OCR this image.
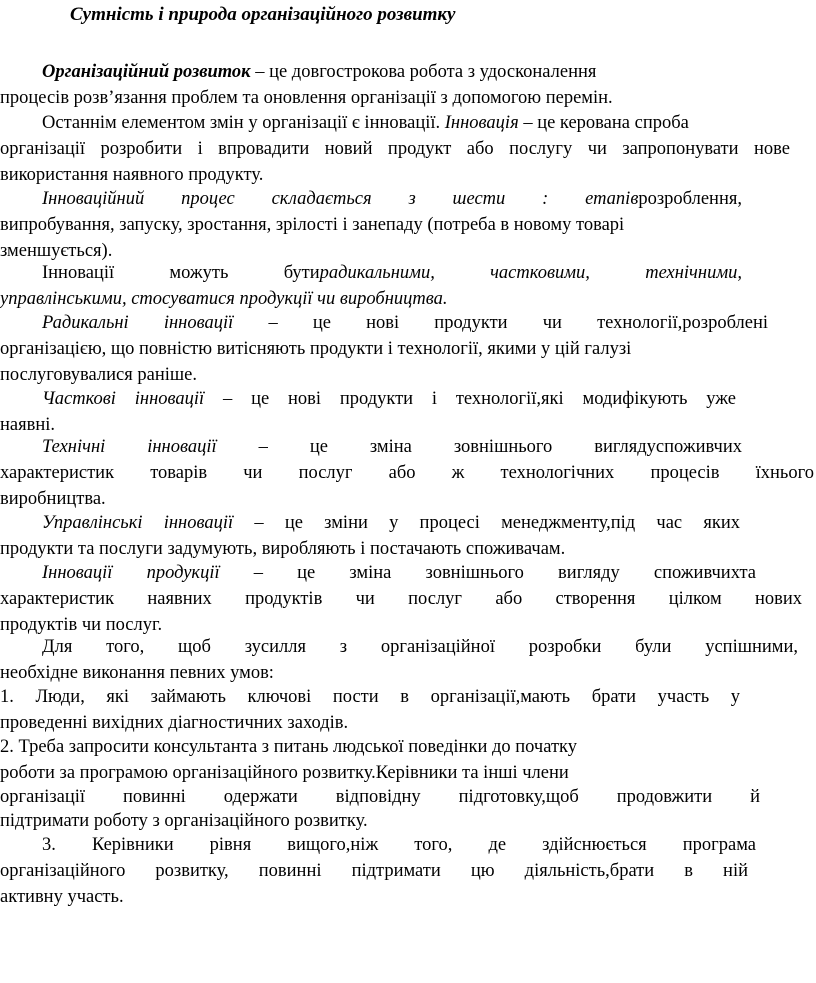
Сутність і природа організаційного розвитку
Організаційний розвиток – це довгострокова робота з удосконалення
процесів розв’язання проблем та оновлення організації з допомогою перемін.
Останнім елементом змін у організації є інновації. Інновація – це керована спроба
організації розробити і впровадити новий продукт або послугу чи запропонувати нове
використання наявного продукту.
Інноваційний процес складається з шести : етапіврозроблення,
випробування, запуску, зростання, зрілості і занепаду (потреба в новому товарі
зменшується).
Інновації можуть бутирадикальними, частковими, технічними,
управлінськими, стосуватися продукції чи виробництва.
Радикальні інновації – це нові продукти чи технології,розроблені
організацією, що повністю витісняють продукти і технології, якими у цій галузі
послуговувалися раніше.
Часткові інновації – це нові продукти і технології,які модифікують уже
наявні.
Технічні інновації – це зміна зовнішнього виглядуспоживчих
характеристик товарів чи послуг або ж технологічних процесів їхнього
виробництва.
Управлінські інновації – це зміни у процесі менеджменту,під час яких
продукти та послуги задумують, виробляють і постачають споживачам.
Інновації продукції – це зміна зовнішнього вигляду споживчихта
характеристик наявних продуктів чи послуг або створення цілком нових
продуктів чи послуг.
Для того, щоб зусилля з організаційної розробки були успішними,
необхідне виконання певних умов:
1. Люди, які займають ключові пости в організації,мають брати участь у
проведенні вихідних діагностичних заходів.
2. Треба запросити консультанта з питань людської поведінки до початку
роботи за програмою організаційного розвитку.Керівники та інші члени
організації повинні одержати відповідну підготовку,щоб продовжити й
підтримати роботу з організаційного розвитку.
3. Керівники рівня вищого,ніж того, де здійснюється програма
організаційного розвитку, повинні підтримати цю діяльність,брати в ній
активну участь.
